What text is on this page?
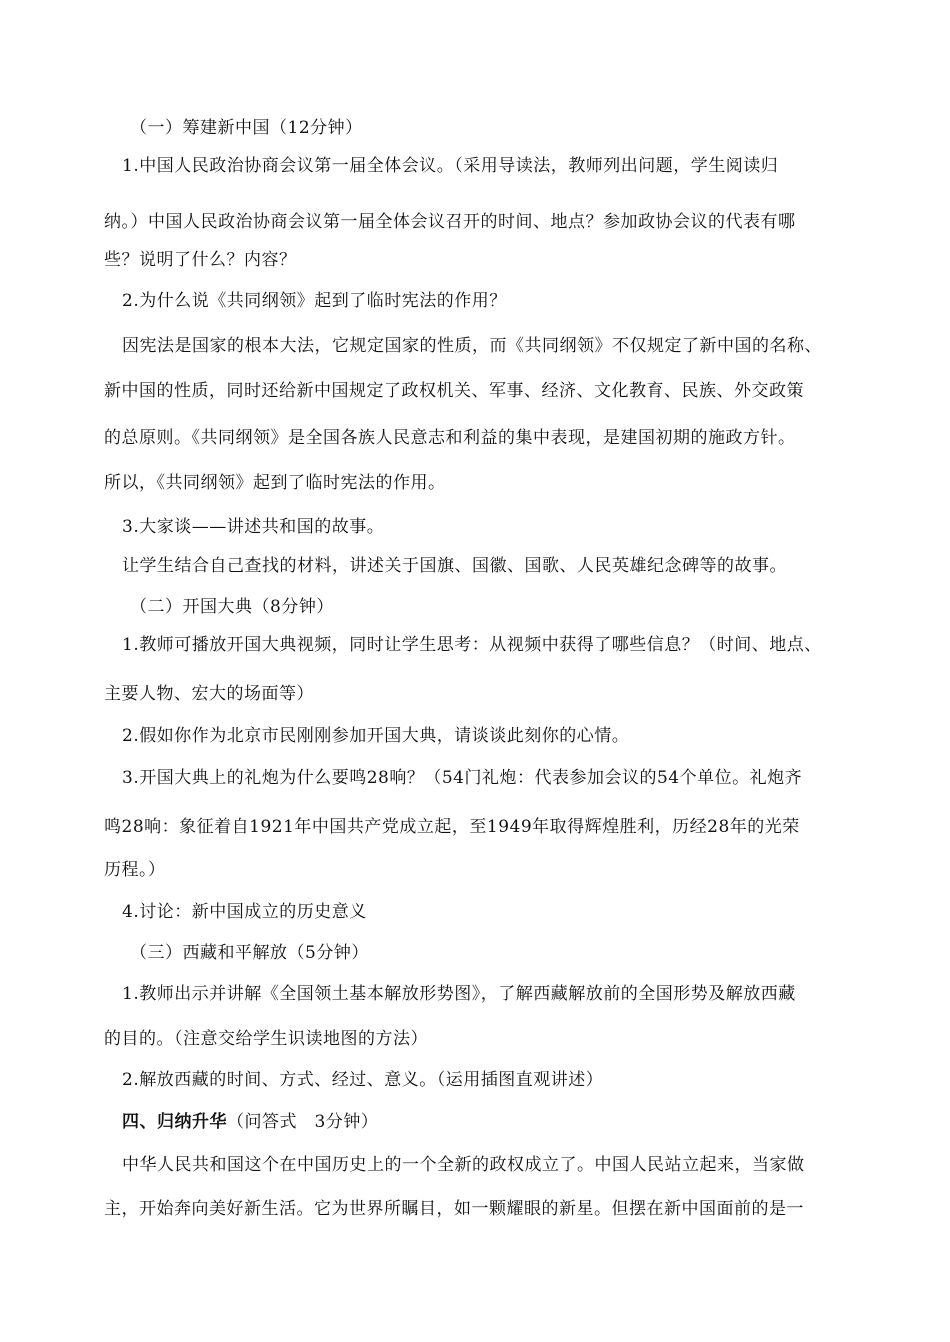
（一）筹建新中国（12分钟）
1.中国人民政治协商会议第一届全体会议。（采用导读法，教师列出问题，学生阅读归
纳。）中国人民政治协商会议第一届全体会议召开的时间、地点？参加政协会议的代表有哪
些？说明了什么？内容？
2.为什么说《共同纲领》起到了临时宪法的作用？
因宪法是国家的根本大法，它规定国家的性质，而《共同纲领》不仅规定了新中国的名称、
新中国的性质，同时还给新中国规定了政权机关、军事、经济、文化教育、民族、外交政策
的总原则。《共同纲领》是全国各族人民意志和利益的集中表现，是建国初期的施政方针。
所以，《共同纲领》起到了临时宪法的作用。
3.大家谈——讲述共和国的故事。
让学生结合自己查找的材料，讲述关于国旗、国徽、国歌、人民英雄纪念碑等的故事。
（二）开国大典（8分钟）
1.教师可播放开国大典视频，同时让学生思考：从视频中获得了哪些信息？（时间、地点、
主要人物、宏大的场面等）
2.假如你作为北京市民刚刚参加开国大典，请谈谈此刻你的心情。
3.开国大典上的礼炮为什么要鸣28响？（54门礼炮：代表参加会议的54个单位。礼炮齐
鸣28响：象征着自1921年中国共产党成立起，至1949年取得辉煌胜利，历经28年的光荣
历程。）
4.讨论：新中国成立的历史意义
（三）西藏和平解放（5分钟）
1.教师出示并讲解《全国领土基本解放形势图》，了解西藏解放前的全国形势及解放西藏
的目的。（注意交给学生识读地图的方法）
2.解放西藏的时间、方式、经过、意义。（运用插图直观讲述）
四、归纳升华（问答式　3分钟）
中华人民共和国这个在中国历史上的一个全新的政权成立了。中国人民站立起来，当家做
主，开始奔向美好新生活。它为世界所瞩目，如一颗耀眼的新星。但摆在新中国面前的是一
